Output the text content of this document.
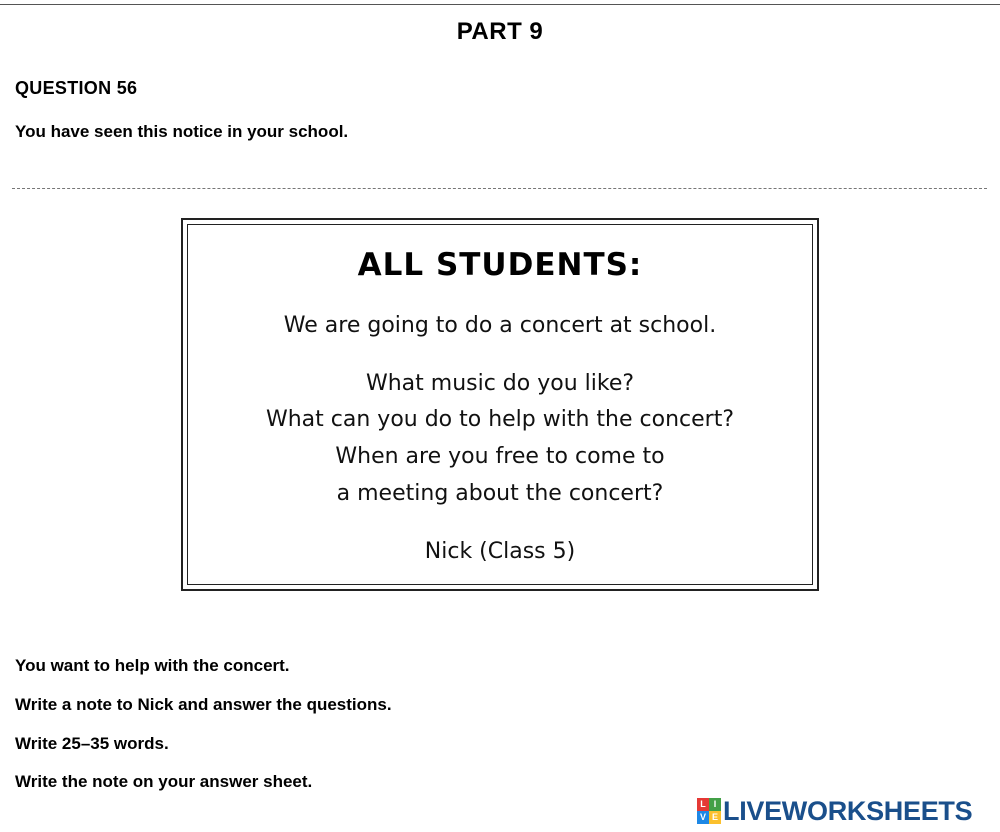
PART 9
QUESTION 56
You have seen this notice in your school.
ALL STUDENTS:
We are going to do a concert at school.
What music do you like?
What can you do to help with the concert?
When are you free to come to
a meeting about the concert?
Nick (Class 5)
You want to help with the concert.
Write a note to Nick and answer the questions.
Write 25–35 words.
Write the note on your answer sheet.
L I
V E LIVEWORKSHEETS
